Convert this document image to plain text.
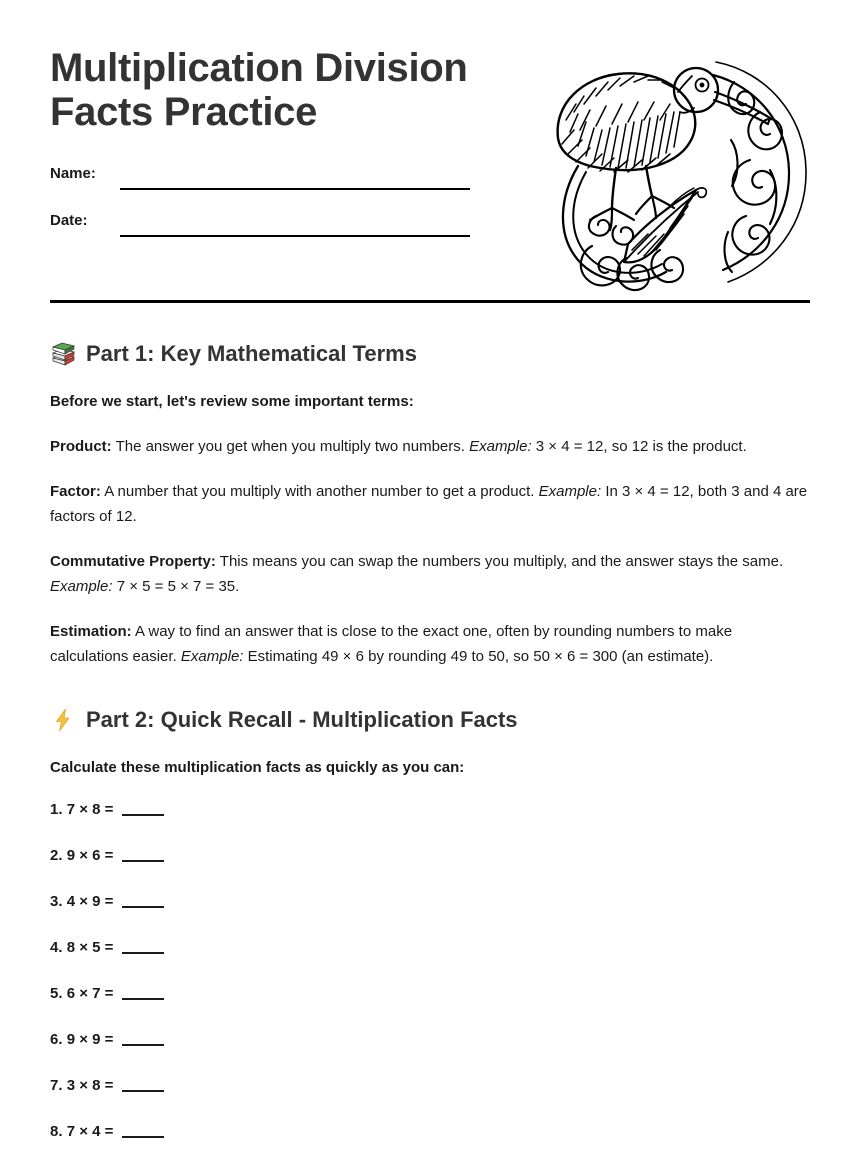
Multiplication Division Facts Practice
Name:
Date:
Part 1: Key Mathematical Terms

Before we start, let's review some important terms:

Product: The answer you get when you multiply two numbers. Example: 3 × 4 = 12, so 12 is the product.

Factor: A number that you multiply with another number to get a product. Example: In 3 × 4 = 12, both 3 and 4 are factors of 12.

Commutative Property: This means you can swap the numbers you multiply, and the answer stays the same. Example: 7 × 5 = 5 × 7 = 35.

Estimation: A way to find an answer that is close to the exact one, often by rounding numbers to make calculations easier. Example: Estimating 49 × 6 by rounding 49 to 50, so 50 × 6 = 300 (an estimate).

Part 2: Quick Recall - Multiplication Facts

Calculate these multiplication facts as quickly as you can:

1. 7 × 8 =
2. 9 × 6 =
3. 4 × 9 =
4. 8 × 5 =
5. 6 × 7 =
6. 9 × 9 =
7. 3 × 8 =
8. 7 × 4 =
